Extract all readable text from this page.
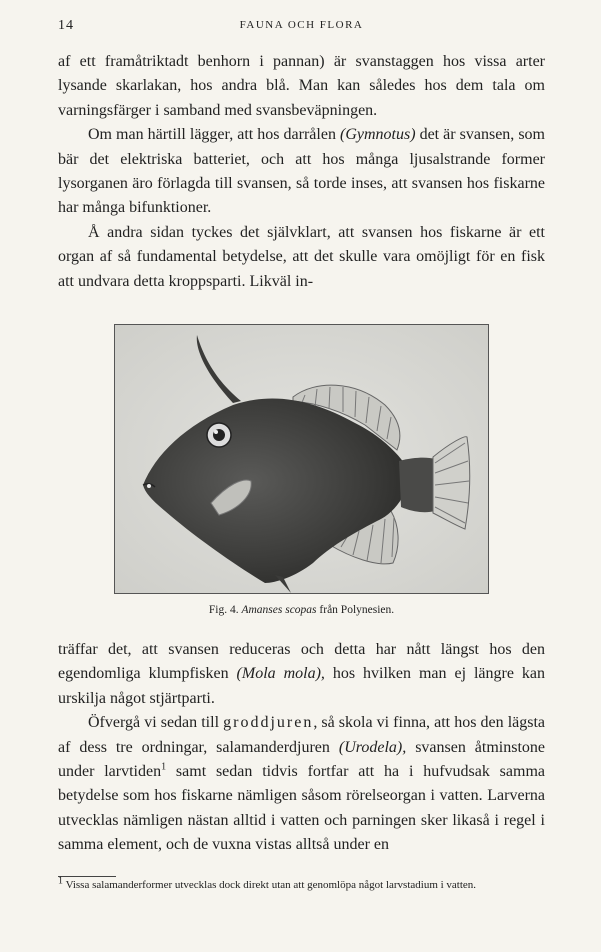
14	FAUNA OCH FLORA

af ett framåtriktadt benhorn i pannan) är svanstaggen hos vissa arter lysande skarlakan, hos andra blå. Man kan således hos dem tala om varningsfärger i samband med svansbeväpningen.

Om man härtill lägger, att hos darrålen (Gymnotus) det är svansen, som bär det elektriska batteriet, och att hos många ljusalstrande former lysorganen äro förlagda till svansen, så torde inses, att svansen hos fiskarne har många bifunktioner.

Å andra sidan tyckes det självklart, att svansen hos fiskarne är ett organ af så fundamental betydelse, att det skulle vara omöjligt för en fisk att undvara detta kroppsparti. Likväl in-

Fig. 4. Amanses scopas från Polynesien.

träffar det, att svansen reduceras och detta har nått längst hos den egendomliga klumpfisken (Mola mola), hos hvilken man ej längre kan urskilja något stjärtparti.

Öfvergå vi sedan till groddjuren, så skola vi finna, att hos den lägsta af dess tre ordningar, salamanderdjuren (Urodela), svansen åtminstone under larvtiden$^1$ samt sedan tidvis fortfar att ha i hufvudsak samma betydelse som hos fiskarne nämligen såsom rörelseorgan i vatten. Larverna utvecklas nämligen nästan alltid i vatten och parningen sker likaså i regel i samma element, och de vuxna vistas alltså under en

$^1$ Vissa salamanderformer utvecklas dock direkt utan att genomlöpa något larvstadium i vatten.
